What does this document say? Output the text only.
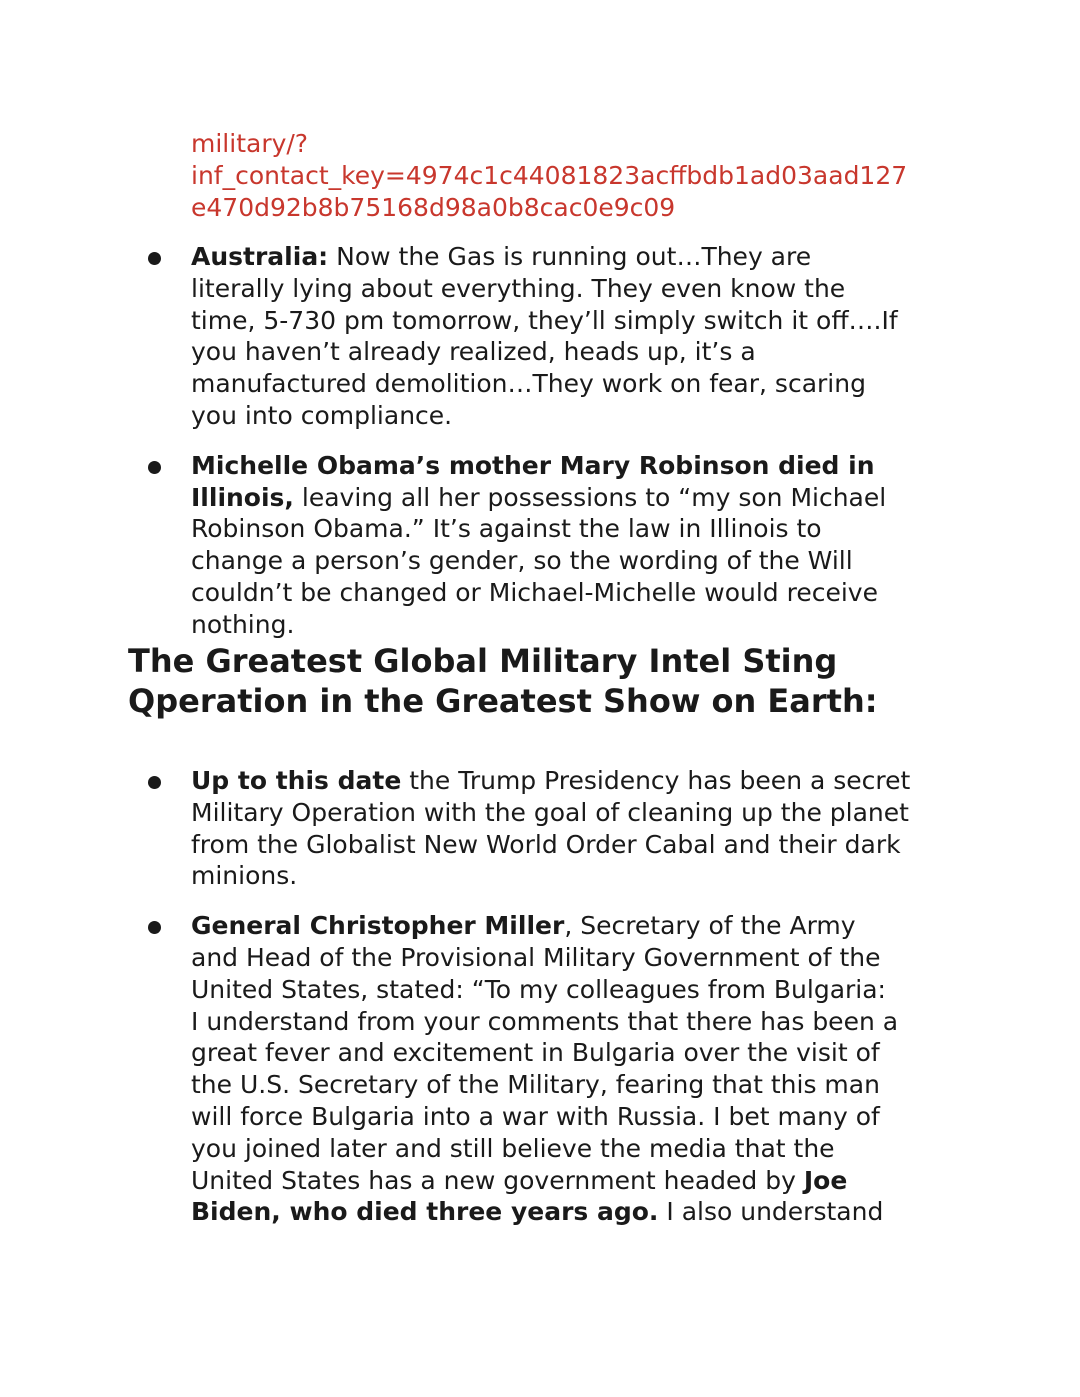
military/?
inf_contact_key=4974c1c44081823acffbdb1ad03aad127
e470d92b8b75168d98a0b8cac0e9c09
Australia: Now the Gas is running out…They are
literally lying about everything. They even know the
time, 5-730 pm tomorrow, they’ll simply switch it off….If
you haven’t already realized, heads up, it’s a
manufactured demolition…They work on fear, scaring
you into compliance.
Michelle Obama’s mother Mary Robinson died in
Illinois, leaving all her possessions to “my son Michael
Robinson Obama.” It’s against the law in Illinois to
change a person’s gender, so the wording of the Will
couldn’t be changed or Michael-Michelle would receive
nothing.
The Greatest Global Military Intel Sting
Qperation in the Greatest Show on Earth:
Up to this date the Trump Presidency has been a secret
Military Operation with the goal of cleaning up the planet
from the Globalist New World Order Cabal and their dark
minions.
General Christopher Miller, Secretary of the Army
and Head of the Provisional Military Government of the
United States, stated: “To my colleagues from Bulgaria:
I understand from your comments that there has been a
great fever and excitement in Bulgaria over the visit of
the U.S. Secretary of the Military, fearing that this man
will force Bulgaria into a war with Russia. I bet many of
you joined later and still believe the media that the
United States has a new government headed by Joe
Biden, who died three years ago. I also understand
